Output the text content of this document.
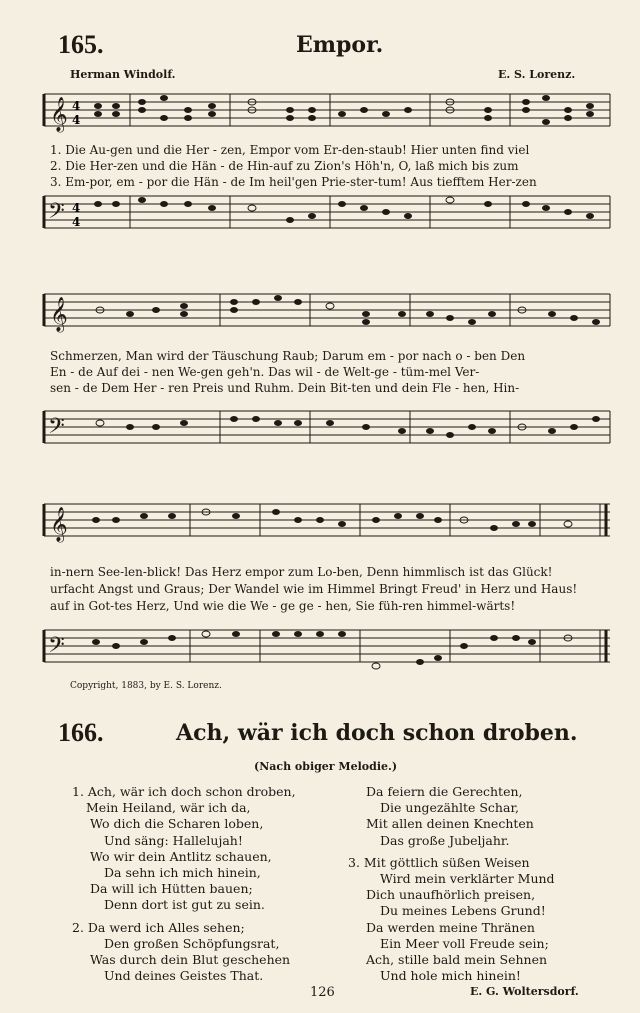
165.	Empor.
Herman Windolf.	E. S. Lorenz.
𝄞 4
4
1. Die Au-gen und die Her - zen, Empor vom Er-den-staub! Hier unten find viel
2. Die Her-zen und die Hän - de Hin-auf zu Zion's Höh'n, O, laß mich bis zum
3. Em-por, em - por die Hän - de Im heil'gen Prie-ster-tum! Aus tiefftem Her-zen
𝄢 4
4
𝄞
Schmerzen, Man wird der Täuschung Raub; Darum em - por nach o - ben Den
En - de Auf dei - nen We-gen geh'n. Das wil - de Welt-ge - tüm-mel Ver-
sen - de Dem Her - ren Preis und Ruhm. Dein Bit-ten und dein Fle - hen, Hin-
𝄢
𝄞
in-nern See-len-blick! Das Herz empor zum Lo-ben, Denn himmlisch ist das Glück!
urfacht Angst und Graus; Der Wandel wie im Himmel Bringt Freud' in Herz und Haus!
auf in Got-tes Herz, Und wie die We - ge ge - hen, Sie füh-ren himmel-wärts!
𝄢
Copyright, 1883, by E. S. Lorenz.
166.	Ach, wär ich doch schon droben.
(Nach obiger Melodie.)
1. Ach, wär ich doch schon droben,
Mein Heiland, wär ich da,
Wo dich die Scharen loben,
Und säng: Hallelujah!
Wo wir dein Antlitz schauen,
Da sehn ich mich hinein,
Da will ich Hütten bauen;
Denn dort ist gut zu sein.
2. Da werd ich Alles sehen;
Den großen Schöpfungsrat,
Was durch dein Blut geschehen
Und deines Geistes That.
Da feiern die Gerechten,
Die ungezählte Schar,
Mit allen deinen Knechten
Das große Jubeljahr.
3. Mit göttlich süßen Weisen
Wird mein verklärter Mund
Dich unaufhörlich preisen,
Du meines Lebens Grund!
Da werden meine Thränen
Ein Meer voll Freude sein;
Ach, stille bald mein Sehnen
Und hole mich hinein!
126	E. G. Woltersdorf.
